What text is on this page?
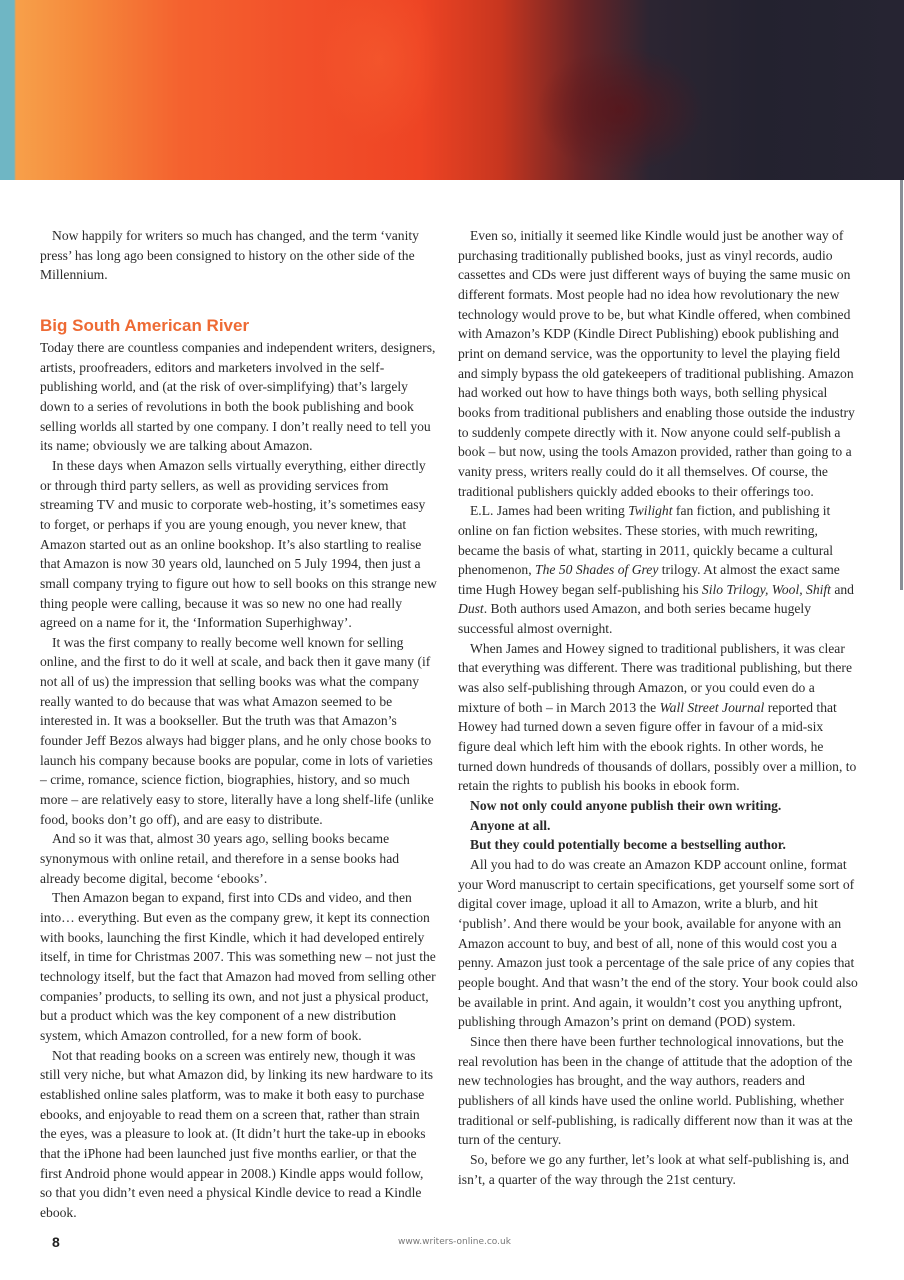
Now happily for writers so much has changed, and the term ‘vanity press’ has long ago been consigned to history on the other side of the Millennium.

Big South American River

Today there are countless companies and independent writers, designers, artists, proofreaders, editors and marketers involved in the self-publishing world, and (at the risk of over-simplifying) that’s largely down to a series of revolutions in both the book publishing and book selling worlds all started by one company. I don’t really need to tell you its name; obviously we are talking about Amazon.

In these days when Amazon sells virtually everything, either directly or through third party sellers, as well as providing services from streaming TV and music to corporate web-hosting, it’s sometimes easy to forget, or perhaps if you are young enough, you never knew, that Amazon started out as an online bookshop. It’s also startling to realise that Amazon is now 30 years old, launched on 5 July 1994, then just a small company trying to figure out how to sell books on this strange new thing people were calling, because it was so new no one had really agreed on a name for it, the ‘Information Superhighway’.

It was the first company to really become well known for selling online, and the first to do it well at scale, and back then it gave many (if not all of us) the impression that selling books was what the company really wanted to do because that was what Amazon seemed to be interested in. It was a bookseller. But the truth was that Amazon’s founder Jeff Bezos always had bigger plans, and he only chose books to launch his company because books are popular, come in lots of varieties – crime, romance, science fiction, biographies, history, and so much more – are relatively easy to store, literally have a long shelf-life (unlike food, books don’t go off), and are easy to distribute.

And so it was that, almost 30 years ago, selling books became synonymous with online retail, and therefore in a sense books had already become digital, become ‘ebooks’.

Then Amazon began to expand, first into CDs and video, and then into… everything. But even as the company grew, it kept its connection with books, launching the first Kindle, which it had developed entirely itself, in time for Christmas 2007. This was something new – not just the technology itself, but the fact that Amazon had moved from selling other companies’ products, to selling its own, and not just a physical product, but a product which was the key component of a new distribution system, which Amazon controlled, for a new form of book.

Not that reading books on a screen was entirely new, though it was still very niche, but what Amazon did, by linking its new hardware to its established online sales platform, was to make it both easy to purchase ebooks, and enjoyable to read them on a screen that, rather than strain the eyes, was a pleasure to look at. (It didn’t hurt the take-up in ebooks that the iPhone had been launched just five months earlier, or that the first Android phone would appear in 2008.) Kindle apps would follow, so that you didn’t even need a physical Kindle device to read a Kindle ebook.

Even so, initially it seemed like Kindle would just be another way of purchasing traditionally published books, just as vinyl records, audio cassettes and CDs were just different ways of buying the same music on different formats. Most people had no idea how revolutionary the new technology would prove to be, but what Kindle offered, when combined with Amazon’s KDP (Kindle Direct Publishing) ebook publishing and print on demand service, was the opportunity to level the playing field and simply bypass the old gatekeepers of traditional publishing. Amazon had worked out how to have things both ways, both selling physical books from traditional publishers and enabling those outside the industry to suddenly compete directly with it. Now anyone could self-publish a book – but now, using the tools Amazon provided, rather than going to a vanity press, writers really could do it all themselves. Of course, the traditional publishers quickly added ebooks to their offerings too.

E.L. James had been writing Twilight fan fiction, and publishing it online on fan fiction websites. These stories, with much rewriting, became the basis of what, starting in 2011, quickly became a cultural phenomenon, The 50 Shades of Grey trilogy. At almost the exact same time Hugh Howey began self-publishing his Silo Trilogy, Wool, Shift and Dust. Both authors used Amazon, and both series became hugely successful almost overnight.

When James and Howey signed to traditional publishers, it was clear that everything was different. There was traditional publishing, but there was also self-publishing through Amazon, or you could even do a mixture of both – in March 2013 the Wall Street Journal reported that Howey had turned down a seven figure offer in favour of a mid-six figure deal which left him with the ebook rights. In other words, he turned down hundreds of thousands of dollars, possibly over a million, to retain the rights to publish his books in ebook form.

Now not only could anyone publish their own writing.

Anyone at all.

But they could potentially become a bestselling author.

All you had to do was create an Amazon KDP account online, format your Word manuscript to certain specifications, get yourself some sort of digital cover image, upload it all to Amazon, write a blurb, and hit ‘publish’. And there would be your book, available for anyone with an Amazon account to buy, and best of all, none of this would cost you a penny. Amazon just took a percentage of the sale price of any copies that people bought. And that wasn’t the end of the story. Your book could also be available in print. And again, it wouldn’t cost you anything upfront, publishing through Amazon’s print on demand (POD) system.

Since then there have been further technological innovations, but the real revolution has been in the change of attitude that the adoption of the new technologies has brought, and the way authors, readers and publishers of all kinds have used the online world. Publishing, whether traditional or self-publishing, is radically different now than it was at the turn of the century.

So, before we go any further, let’s look at what self-publishing is, and isn’t, a quarter of the way through the 21st century.

8	www.writers-online.co.uk
